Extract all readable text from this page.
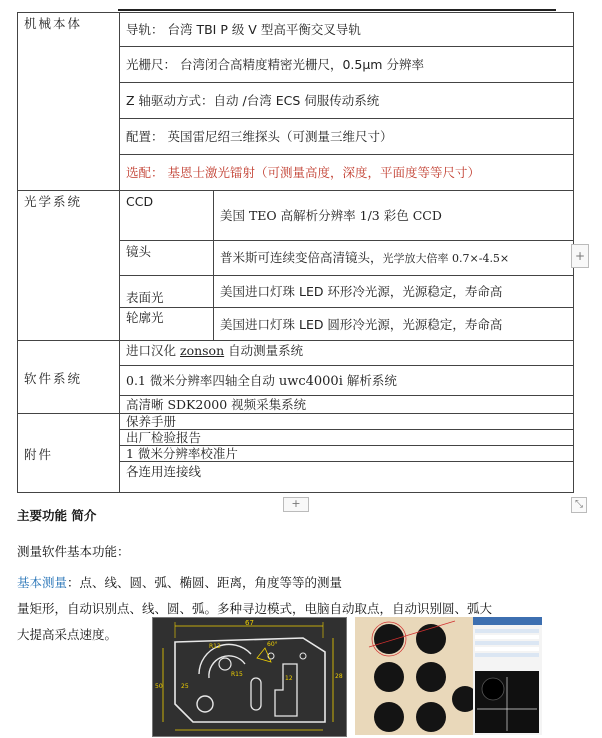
机械本体	导轨： 台湾 TBI P 级 V 型高平衡交叉导轨	
	光栅尺： 台湾闭合高精度精密光栅尺，0.5μm 分辨率	
	Z 轴驱动方式：自动 /台湾 ECS 伺服传动系统	
	配置： 英国雷尼绍三维探头（可测量三维尺寸）	
	选配： 基恩士激光镭射（可测量高度，深度，平面度等等尺寸）	
光学系统	CCD	美国 TEO 高解析分辨率 1/3 彩色 CCD
	镜头	普米斯可连续变倍高清镜头，光学放大倍率 0.7×-4.5×
	表面光	美国进口灯珠 LED 环形冷光源，光源稳定，寿命高
	轮廓光	美国进口灯珠 LED 圆形冷光源，光源稳定，寿命高
软件系统	进口汉化 zonson 自动测量系统	
	0.1 微米分辨率四轴全自动 uwc4000i 解析系统	
	高清晰 SDK2000 视频采集系统	
附件	保养手册	
	出厂检验报告	
	1 微米分辨率校准片	
	各连用连接线	
+
+	⤡
主要功能 简介
测量软件基本功能：
基本测量：点、线、圆、弧、椭圆、距离，角度等等的测量
量矩形，自动识别点、线、圆、弧。多种寻边模式，电脑自动取点，自动识别圆、弧大
大提高采点速度。
67
R12
R15
25
50
28
12
60°
